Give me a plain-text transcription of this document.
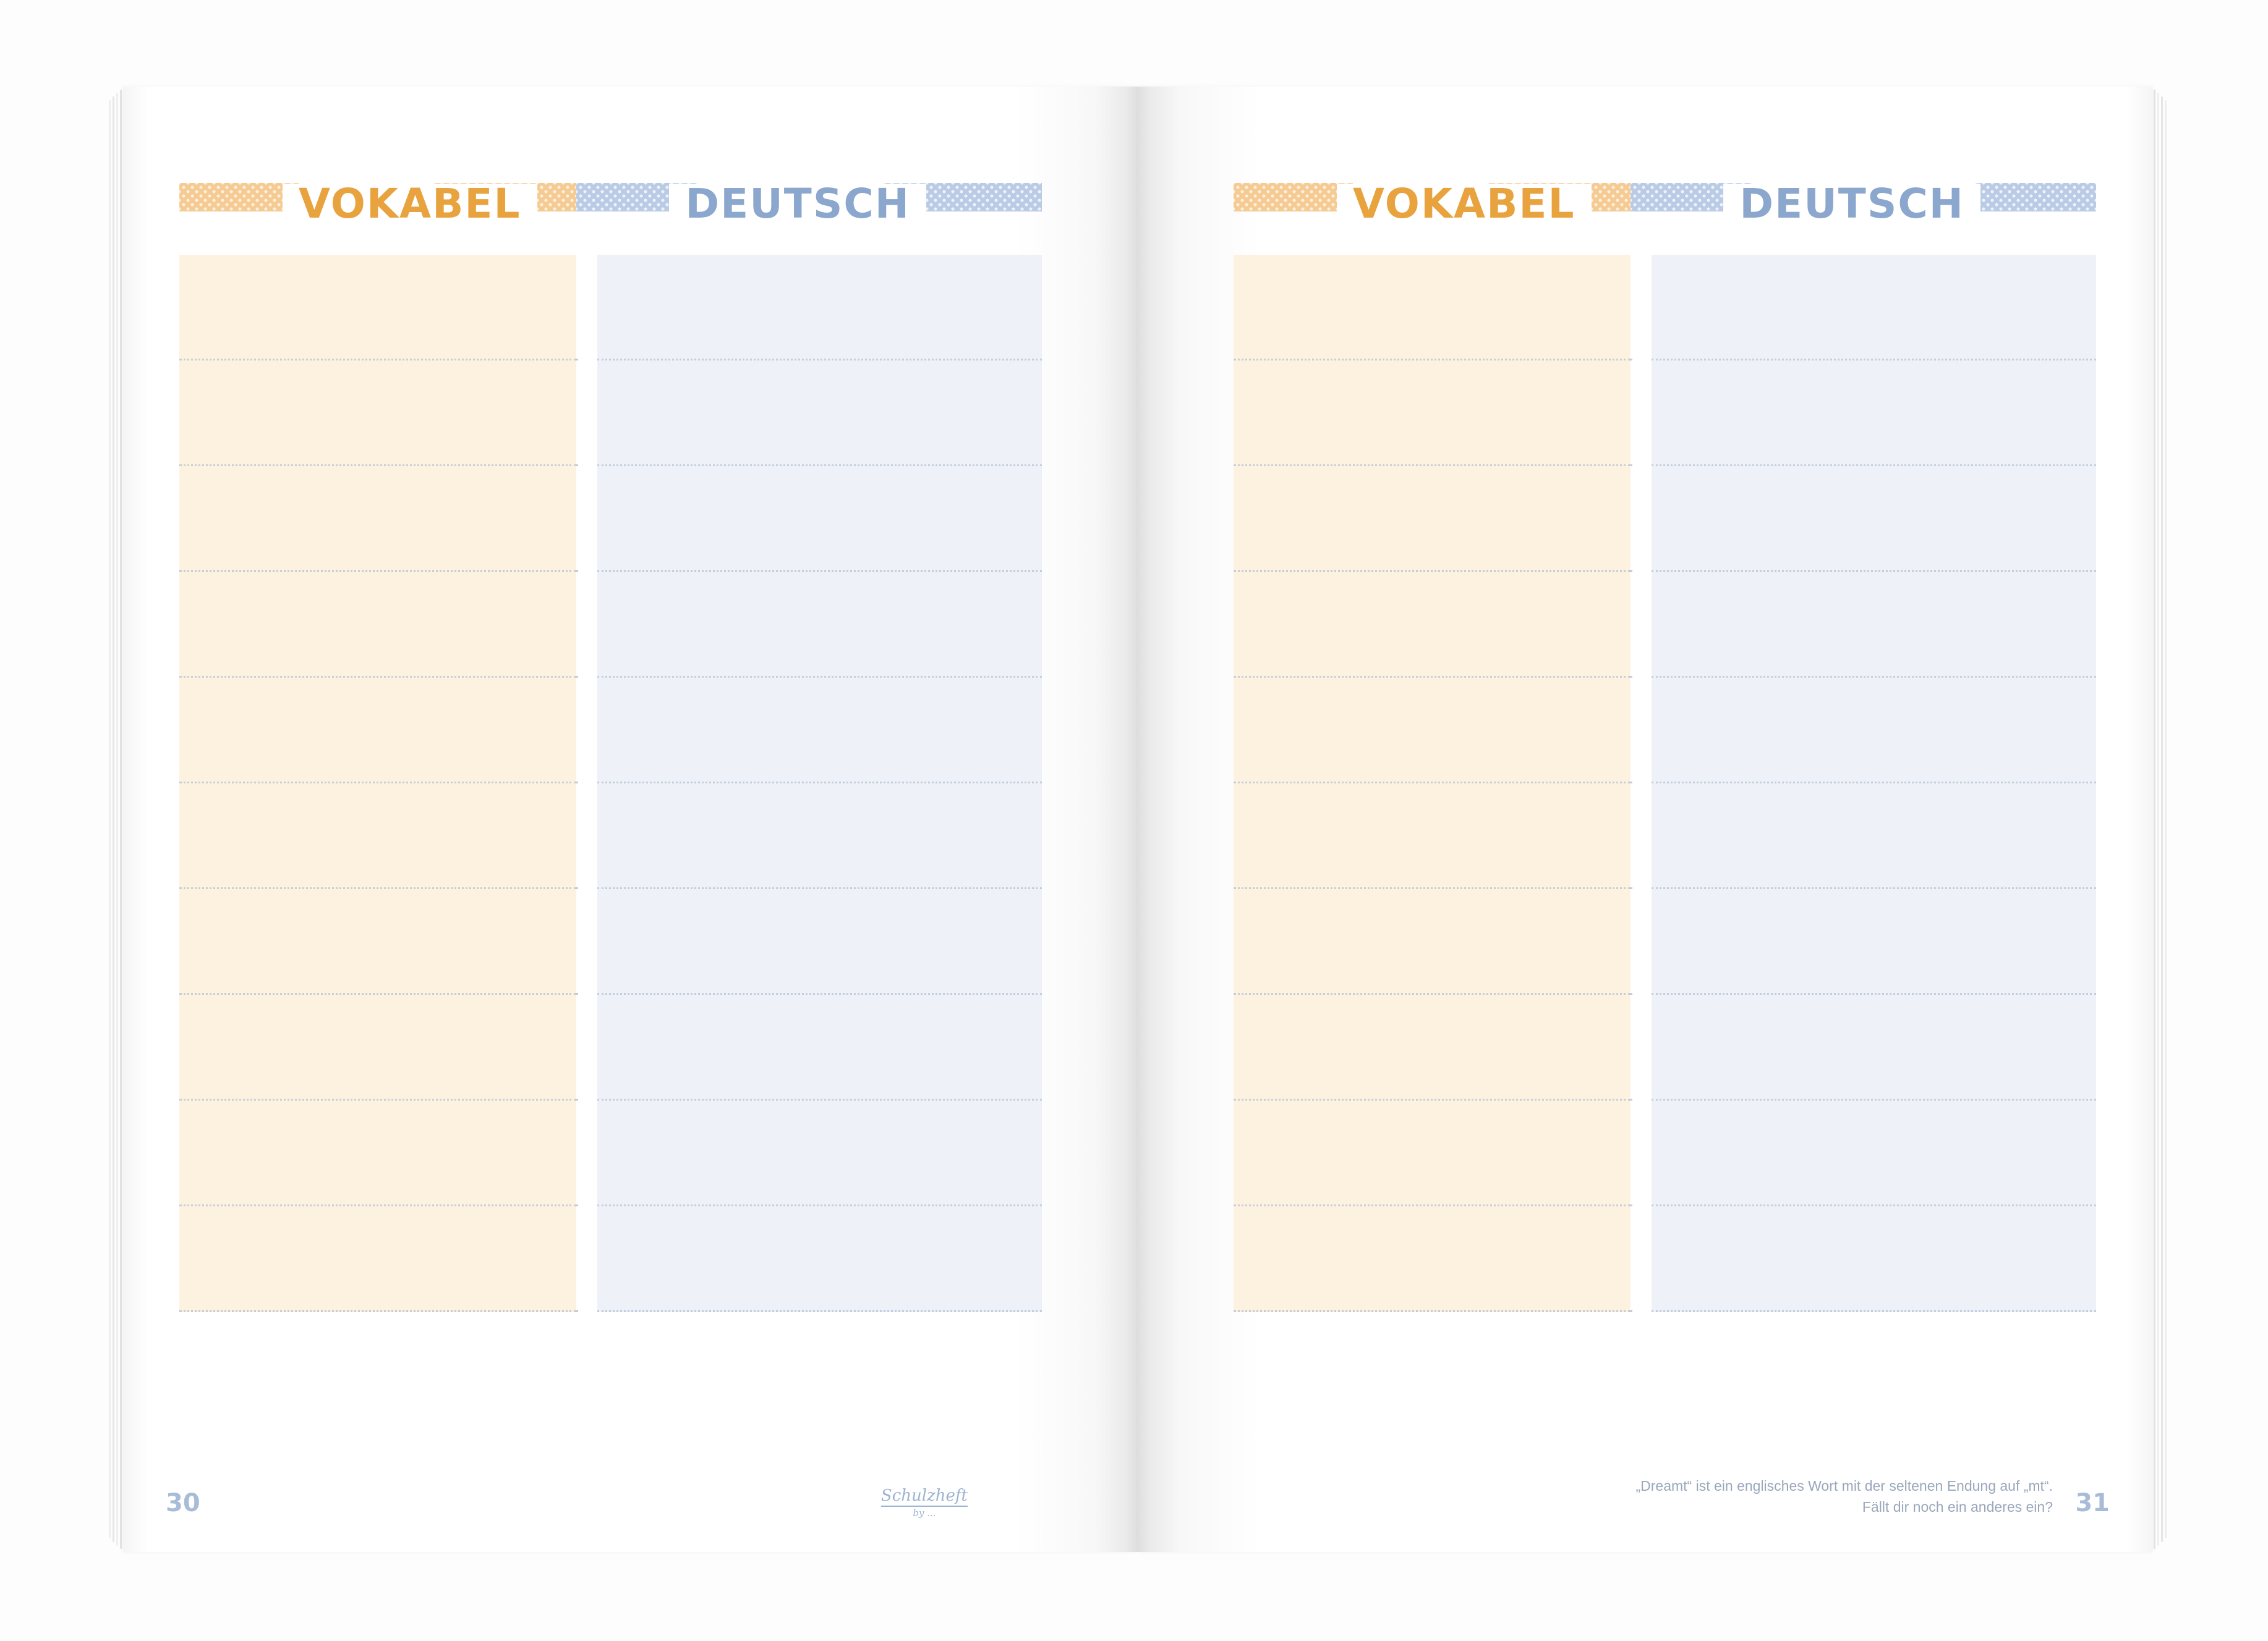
VOKABEL	DEUTSCH
30	Schulzheft
by ...
VOKABEL	DEUTSCH
„Dreamt“ ist ein englisches Wort mit der seltenen Endung auf „mt“. Fällt dir noch ein anderes ein? 31
